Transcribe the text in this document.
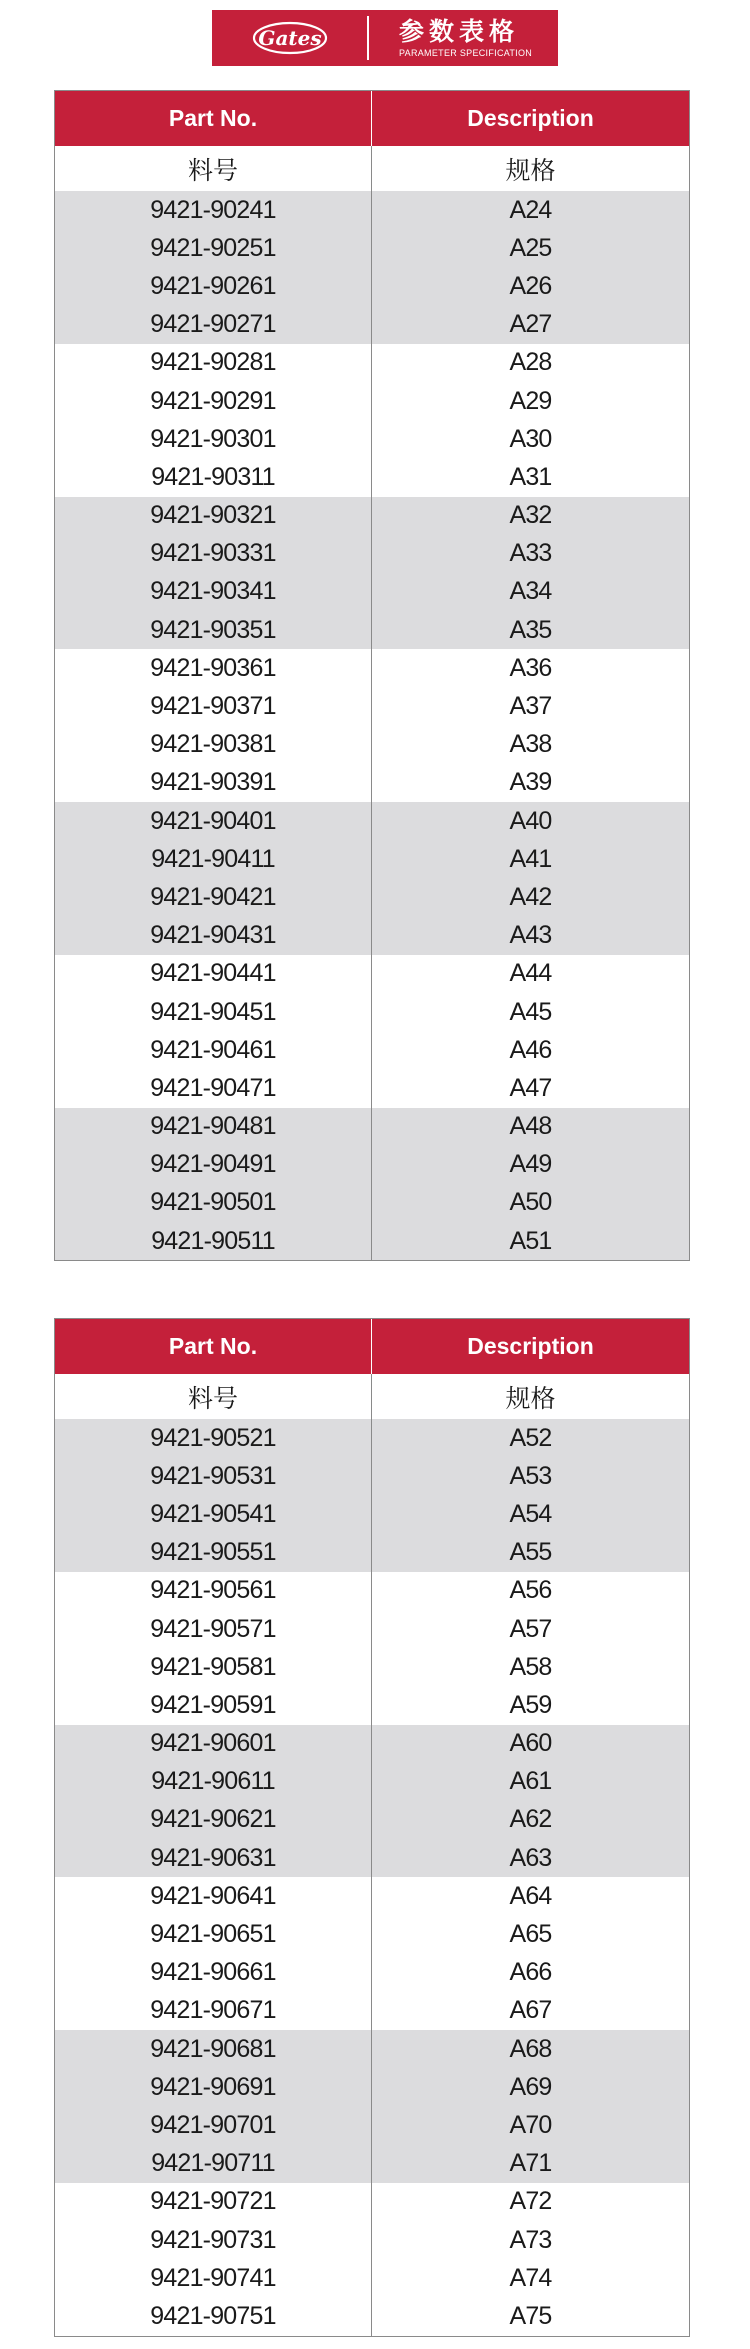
Gates	参数表格
PARAMETER SPECIFICATION
Part No.	Description
料号	规格
9421-90241	A24
9421-90251	A25
9421-90261	A26
9421-90271	A27
9421-90281	A28
9421-90291	A29
9421-90301	A30
9421-90311	A31
9421-90321	A32
9421-90331	A33
9421-90341	A34
9421-90351	A35
9421-90361	A36
9421-90371	A37
9421-90381	A38
9421-90391	A39
9421-90401	A40
9421-90411	A41
9421-90421	A42
9421-90431	A43
9421-90441	A44
9421-90451	A45
9421-90461	A46
9421-90471	A47
9421-90481	A48
9421-90491	A49
9421-90501	A50
9421-90511	A51
Part No.	Description
料号	规格
9421-90521	A52
9421-90531	A53
9421-90541	A54
9421-90551	A55
9421-90561	A56
9421-90571	A57
9421-90581	A58
9421-90591	A59
9421-90601	A60
9421-90611	A61
9421-90621	A62
9421-90631	A63
9421-90641	A64
9421-90651	A65
9421-90661	A66
9421-90671	A67
9421-90681	A68
9421-90691	A69
9421-90701	A70
9421-90711	A71
9421-90721	A72
9421-90731	A73
9421-90741	A74
9421-90751	A75
